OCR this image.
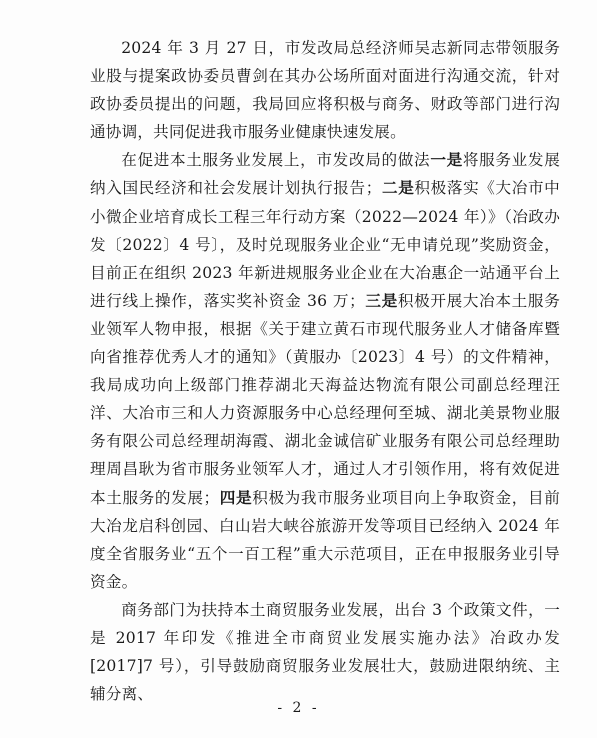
2024 年 3 月 27 日，市发改局总经济师吴志新同志带领服务业股与提案政协委员曹剑在其办公场所面对面进行沟通交流，针对政协委员提出的问题，我局回应将积极与商务、财政等部门进行沟通协调，共同促进我市服务业健康快速发展。

在促进本土服务业发展上，市发改局的做法一是将服务业发展纳入国民经济和社会发展计划执行报告；二是积极落实《大冶市中小微企业培育成长工程三年行动方案（2022—2024 年）》（冶政办发〔2022〕4 号〕，及时兑现服务业企业“无申请兑现”奖励资金，目前正在组织 2023 年新进规服务业企业在大冶惠企一站通平台上进行线上操作，落实奖补资金 36 万；三是积极开展大冶本土服务业领军人物申报，根据《关于建立黄石市现代服务业人才储备库暨向省推荐优秀人才的通知》（黄服办〔2023〕4 号）的文件精神，我局成功向上级部门推荐湖北天海益达物流有限公司副总经理汪洋、大冶市三和人力资源服务中心总经理何至城、湖北美景物业服务有限公司总经理胡海霞、湖北金诚信矿业服务有限公司总经理助理周昌耿为省市服务业领军人才，通过人才引领作用，将有效促进本土服务的发展；四是积极为我市服务业项目向上争取资金，目前大冶龙启科创园、白山岩大峡谷旅游开发等项目已经纳入 2024 年度全省服务业“五个一百工程”重大示范项目，正在申报服务业引导资金。

商务部门为扶持本土商贸服务业发展，出台 3 个政策文件，一是 2017 年印发《推进全市商贸业发展实施办法》冶政办发[2017]7 号），引导鼓励商贸服务业发展壮大，鼓励进限纳统、主辅分离、

- 2 -
